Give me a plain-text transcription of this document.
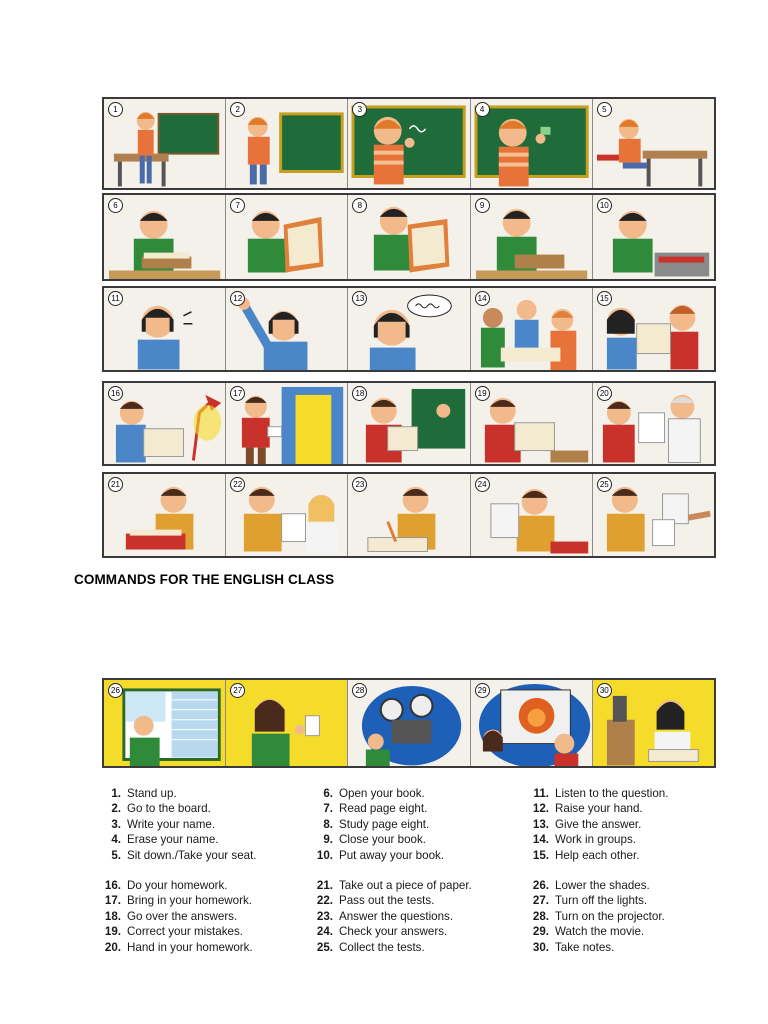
1	2	3	4	5
6	7	8	9	10
11	12	13	14	15
16	17	18	19	20
21	22	23	24	25
COMMANDS FOR THE ENGLISH CLASS
26	27	28	29	30
1. Stand up.
2. Go to the board.
3. Write your name.
4. Erase your name.
5. Sit down./Take your seat.
16. Do your homework.
17. Bring in your homework.
18. Go over the answers.
19. Correct your mistakes.
20. Hand in your homework.
6. Open your book.
7. Read page eight.
8. Study page eight.
9. Close your book.
10. Put away your book.
21. Take out a piece of paper.
22. Pass out the tests.
23. Answer the questions.
24. Check your answers.
25. Collect the tests.
11. Listen to the question.
12. Raise your hand.
13. Give the answer.
14. Work in groups.
15. Help each other.
26. Lower the shades.
27. Turn off the lights.
28. Turn on the projector.
29. Watch the movie.
30. Take notes.
